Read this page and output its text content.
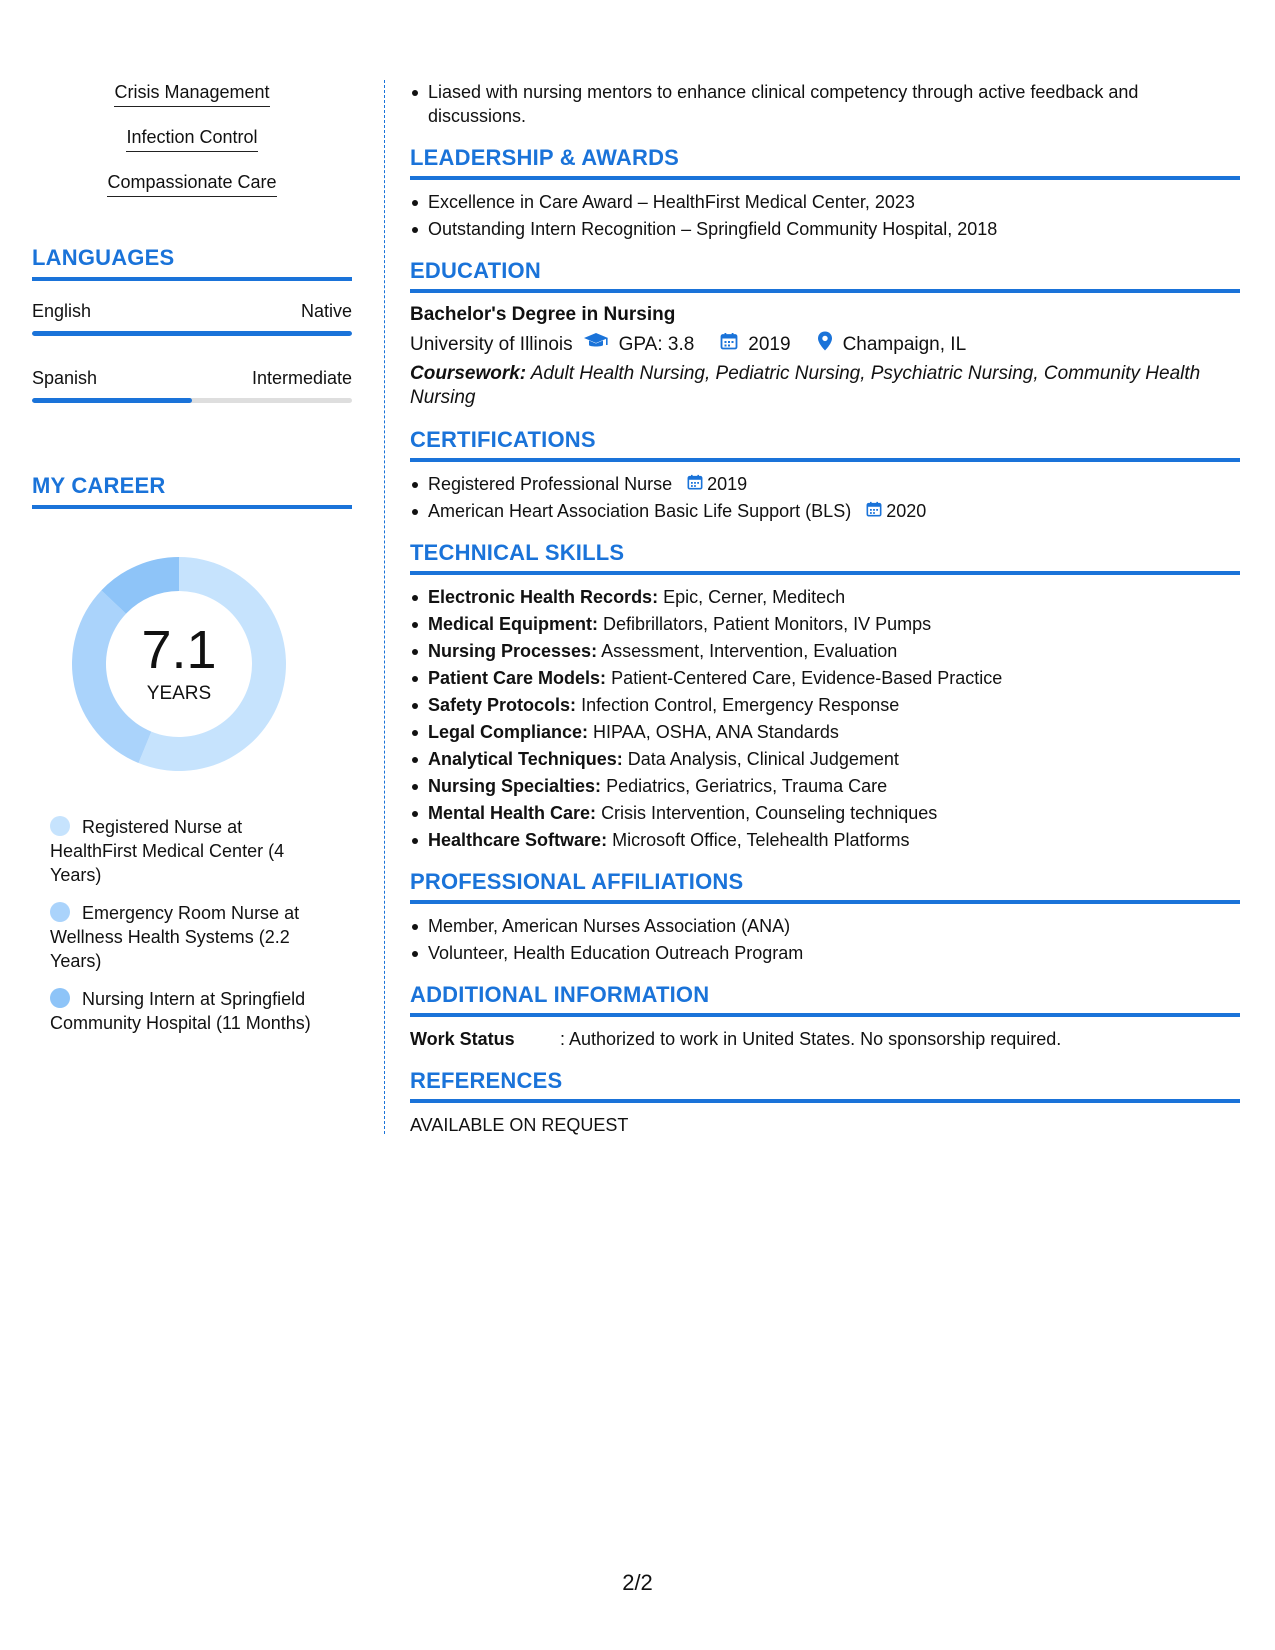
Crisis Management
Infection Control
Compassionate Care
LANGUAGES
English	Native
Spanish	Intermediate
MY CAREER
7.1
YEARS
Registered Nurse at HealthFirst Medical Center (4 Years)
Emergency Room Nurse at Wellness Health Systems (2.2 Years)
Nursing Intern at Springfield Community Hospital (11 Months)
Liased with nursing mentors to enhance clinical competency through active feedback and discussions.
LEADERSHIP & AWARDS
Excellence in Care Award – HealthFirst Medical Center, 2023
Outstanding Intern Recognition – Springfield Community Hospital, 2018
EDUCATION
Bachelor's Degree in Nursing
University of Illinois GPA: 3.8	2019	Champaign, IL
Coursework: Adult Health Nursing, Pediatric Nursing, Psychiatric Nursing, Community Health Nursing
CERTIFICATIONS
Registered Professional Nurse 2019
American Heart Association Basic Life Support (BLS) 2020
TECHNICAL SKILLS
Electronic Health Records: Epic, Cerner, Meditech
Medical Equipment: Defibrillators, Patient Monitors, IV Pumps
Nursing Processes: Assessment, Intervention, Evaluation
Patient Care Models: Patient-Centered Care, Evidence-Based Practice
Safety Protocols: Infection Control, Emergency Response
Legal Compliance: HIPAA, OSHA, ANA Standards
Analytical Techniques: Data Analysis, Clinical Judgement
Nursing Specialties: Pediatrics, Geriatrics, Trauma Care
Mental Health Care: Crisis Intervention, Counseling techniques
Healthcare Software: Microsoft Office, Telehealth Platforms
PROFESSIONAL AFFILIATIONS
Member, American Nurses Association (ANA)
Volunteer, Health Education Outreach Program
ADDITIONAL INFORMATION
Work Status	: Authorized to work in United States. No sponsorship required.
REFERENCES
AVAILABLE ON REQUEST
2/2
